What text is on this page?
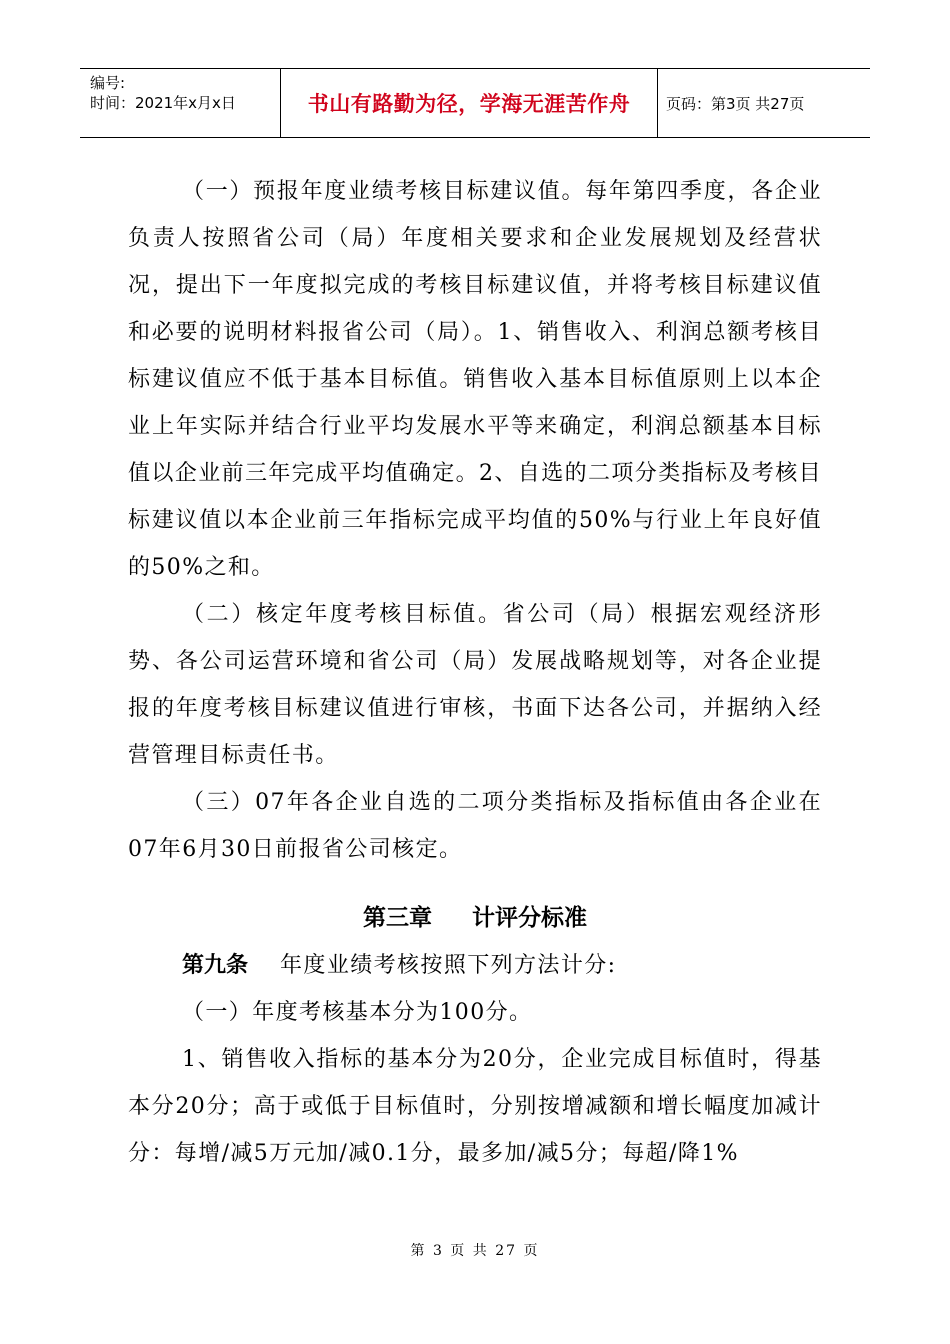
编号:
时间：2021年x月x日	书山有路勤为径，学海无涯苦作舟	页码：第3页 共27页

（一）预报年度业绩考核目标建议值。每年第四季度，各企业负责人按照省公司（局）年度相关要求和企业发展规划及经营状况，提出下一年度拟完成的考核目标建议值，并将考核目标建议值和必要的说明材料报省公司（局）。1、销售收入、利润总额考核目标建议值应不低于基本目标值。销售收入基本目标值原则上以本企业上年实际并结合行业平均发展水平等来确定，利润总额基本目标值以企业前三年完成平均值确定。2、自选的二项分类指标及考核目标建议值以本企业前三年指标完成平均值的50%与行业上年良好值的50%之和。

（二）核定年度考核目标值。省公司（局）根据宏观经济形势、各公司运营环境和省公司（局）发展战略规划等，对各企业提报的年度考核目标建议值进行审核，书面下达各公司，并据纳入经营管理目标责任书。

（三）07年各企业自选的二项分类指标及指标值由各企业在07年6月30日前报省公司核定。

第三章 计评分标准

第九条 年度业绩考核按照下列方法计分:

（一）年度考核基本分为100分。

1、销售收入指标的基本分为20分，企业完成目标值时，得基本分20分；高于或低于目标值时，分别按增减额和增长幅度加减计分：每增/减5万元加/减0.1分，最多加/减5分；每超/降1%

第 3 页 共 27 页
